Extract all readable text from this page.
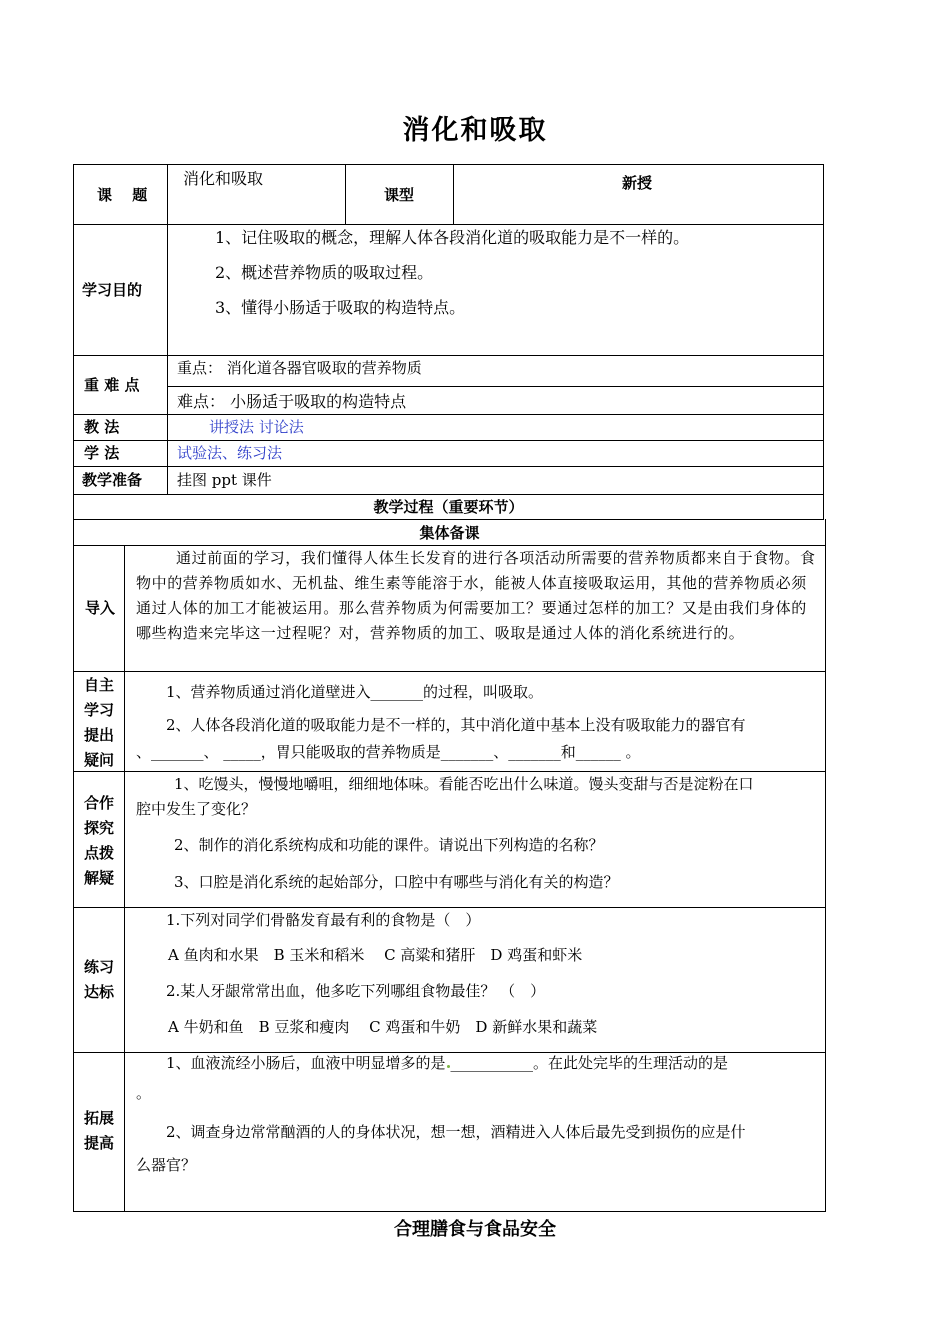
消化和吸取
课　 题
消化和吸取
课型
新授
学习目的
1、记住吸取的概念，理解人体各段消化道的吸取能力是不一样的。
2、概述营养物质的吸取过程。
3、懂得小肠适于吸取的构造特点。
重 难 点
重点： 消化道各器官吸取的营养物质
难点： 小肠适于吸取的构造特点
教 法	讲授法 讨论法
学 法	试验法、练习法
教学准备 挂图 ppt 课件
教学过程（重要环节）
集体备课
导入
通过前面的学习，我们懂得人体生长发育的进行各项活动所需要的营养物质都来自于食物。食物中的营养物质如水、无机盐、维生素等能溶于水，能被人体直接吸取运用，其他的营养物质必须通过人体的加工才能被运用。那么营养物质为何需要加工？要通过怎样的加工？又是由我们身体的哪些构造来完毕这一过程呢？对，营养物质的加工、吸取是通过人体的消化系统进行的。
自主
学习
提出
疑问
1、营养物质通过消化道壁进入_______的过程，叫吸取。
2、人体各段消化道的吸取能力是不一样的，其中消化道中基本上没有吸取能力的器官有
、_______、 _____，胃只能吸取的营养物质是_______、_______和______ 。
合作
探究
点拨
解疑
1、吃馒头，慢慢地嚼咀，细细地体味。看能否吃出什么味道。馒头变甜与否是淀粉在口
腔中发生了变化？
2、制作的消化系统构成和功能的课件。请说出下列构造的名称？
3、口腔是消化系统的起始部分，口腔中有哪些与消化有关的构造？
练习
达标
1.下列对同学们骨骼发育最有利的食物是（　）
A 鱼肉和水果　B 玉米和稻米　 C 高粱和猪肝　D 鸡蛋和虾米
2.某人牙龈常常出血，他多吃下列哪组食物最佳？ （　）
A 牛奶和鱼　B 豆浆和瘦肉　 C 鸡蛋和牛奶　D 新鲜水果和蔬菜
拓展
提高
1、血液流经小肠后，血液中明显增多的是 ___________。在此处完毕的生理活动的是
。
2、调查身边常常酗酒的人的身体状况，想一想，酒精进入人体后最先受到损伤的应是什
么器官？
合理膳食与食品安全
